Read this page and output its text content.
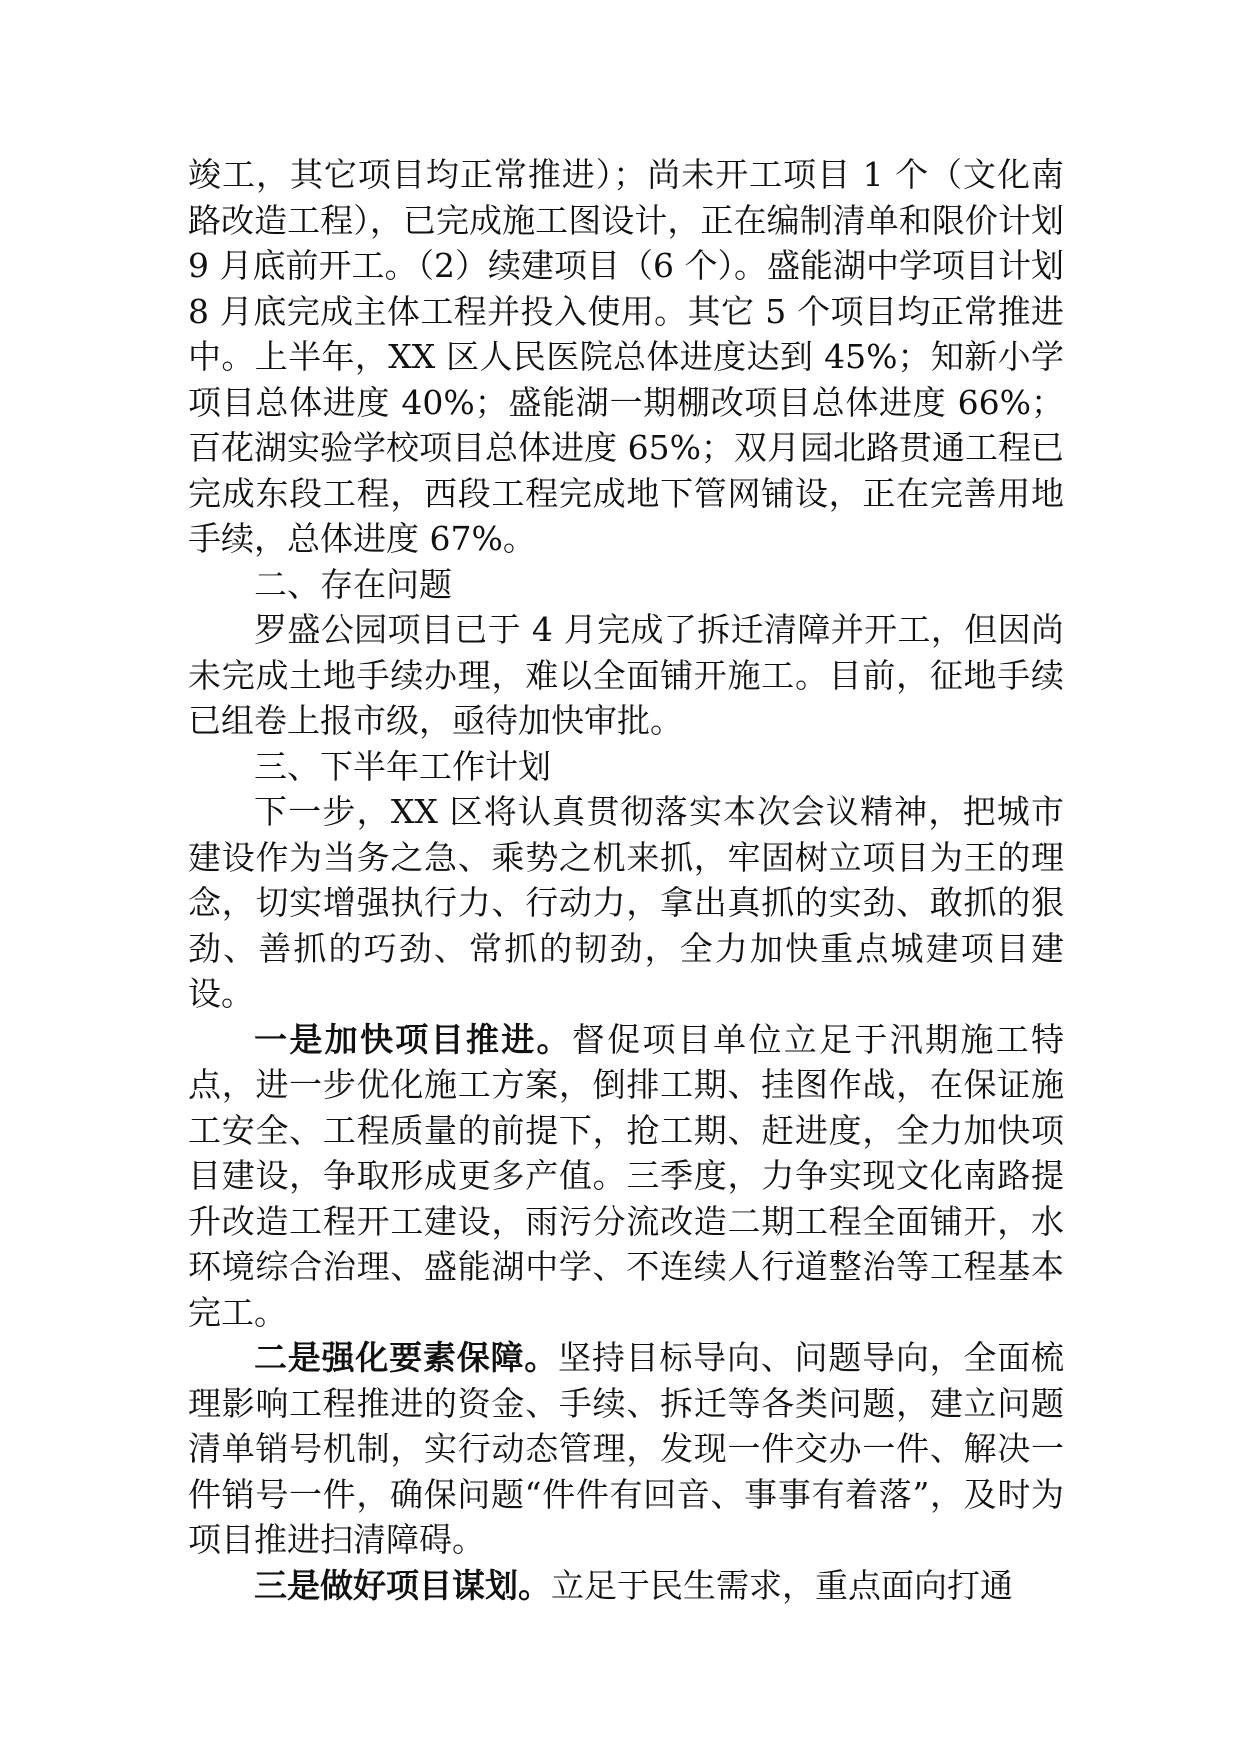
竣工，其它项目均正常推进）；尚未开工项目 1 个（文化南路改造工程），已完成施工图设计，正在编制清单和限价计划 9 月底前开工。（2）续建项目（6 个）。盛能湖中学项目计划 8 月底完成主体工程并投入使用。其它 5 个项目均正常推进中。上半年，XX 区人民医院总体进度达到 45%；知新小学项目总体进度 40%；盛能湖一期棚改项目总体进度 66%；百花湖实验学校项目总体进度 65%；双月园北路贯通工程已完成东段工程，西段工程完成地下管网铺设，正在完善用地手续，总体进度 67%。

二、存在问题

罗盛公园项目已于 4 月完成了拆迁清障并开工，但因尚未完成土地手续办理，难以全面铺开施工。目前，征地手续已组卷上报市级，亟待加快审批。

三、下半年工作计划

下一步，XX 区将认真贯彻落实本次会议精神，把城市建设作为当务之急、乘势之机来抓，牢固树立项目为王的理念，切实增强执行力、行动力，拿出真抓的实劲、敢抓的狠劲、善抓的巧劲、常抓的韧劲，全力加快重点城建项目建设。

一是加快项目推进。督促项目单位立足于汛期施工特点，进一步优化施工方案，倒排工期、挂图作战，在保证施工安全、工程质量的前提下，抢工期、赶进度，全力加快项目建设，争取形成更多产值。三季度，力争实现文化南路提升改造工程开工建设，雨污分流改造二期工程全面铺开，水环境综合治理、盛能湖中学、不连续人行道整治等工程基本完工。

二是强化要素保障。坚持目标导向、问题导向，全面梳理影响工程推进的资金、手续、拆迁等各类问题，建立问题清单销号机制，实行动态管理，发现一件交办一件、解决一件销号一件，确保问题“件件有回音、事事有着落”，及时为项目推进扫清障碍。

三是做好项目谋划。立足于民生需求，重点面向打通
